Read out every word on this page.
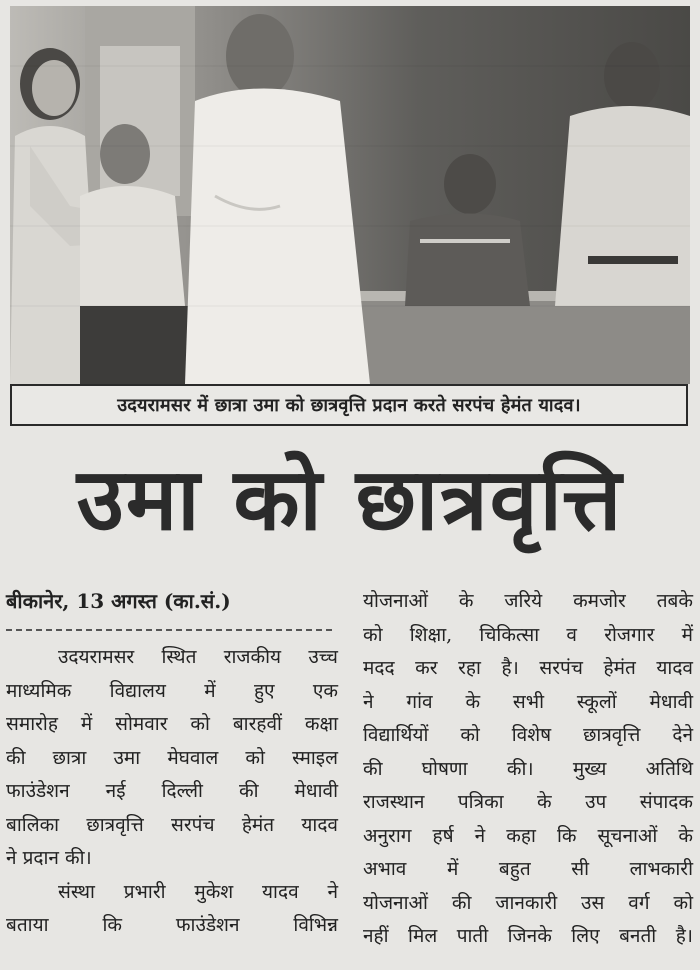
उदयरामसर में छात्रा उमा को छात्रवृत्ति प्रदान करते सरपंच हेमंत यादव।
उमा को छात्रवृत्ति
बीकानेर, 13 अगस्त (का.सं.)
उदयरामसर स्थित राजकीय उच्च
माध्यमिक विद्यालय में हुए एक
समारोह में सोमवार को बारहवीं कक्षा
की छात्रा उमा मेघवाल को स्माइल
फाउंडेशन नई दिल्ली की मेधावी
बालिका छात्रवृत्ति सरपंच हेमंत यादव
ने प्रदान की।
संस्था प्रभारी मुकेश यादव ने
बताया कि फाउंडेशन विभिन्न
योजनाओं के जरिये कमजोर तबके
को शिक्षा, चिकित्सा व रोजगार में
मदद कर रहा है। सरपंच हेमंत यादव
ने गांव के सभी स्कूलों मेधावी
विद्यार्थियों को विशेष छात्रवृत्ति देने
की घोषणा की। मुख्य अतिथि
राजस्थान पत्रिका के उप संपादक
अनुराग हर्ष ने कहा कि सूचनाओं के
अभाव में बहुत सी लाभकारी
योजनाओं की जानकारी उस वर्ग को
नहीं मिल पाती जिनके लिए बनती है।
